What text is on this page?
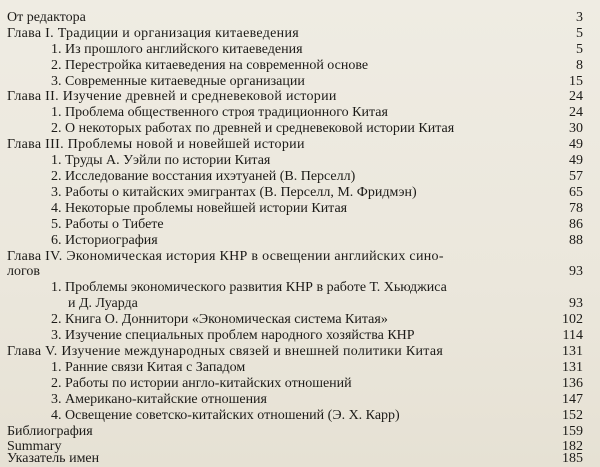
От редактора	3
Глава I. Традиции и организация китаеведения	5
1. Из прошлого английского китаеведения	5
2. Перестройка китаеведения на современной основе	8
3. Современные китаеведные организации	15
Глава II. Изучение древней и средневековой истории	24
1. Проблема общественного строя традиционного Китая	24
2. О некоторых работах по древней и средневековой истории Китая	30
Глава III. Проблемы новой и новейшей истории	49
1. Труды А. Уэйли по истории Китая	49
2. Исследование восстания ихэтуаней (В. Перселл)	57
3. Работы о китайских эмигрантах (В. Перселл, М. Фридмэн)	65
4. Некоторые проблемы новейшей истории Китая	78
5. Работы о Тибете	86
6. Историография	88
Глава IV. Экономическая история КНР в освещении английских сино-
логов	93
1. Проблемы экономического развития КНР в работе Т. Хьюджиса
и Д. Луарда	93
2. Книга О. Доннитори «Экономическая система Китая»	102
3. Изучение специальных проблем народного хозяйства КНР	114
Глава V. Изучение международных связей и внешней политики Китая	131
1. Ранние связи Китая с Западом	131
2. Работы по истории англо-китайских отношений	136
3. Американо-китайские отношения	147
4. Освещение советско-китайских отношений (Э. Х. Карр)	152
Библиография	159
Summary	182
Указатель имен	185
